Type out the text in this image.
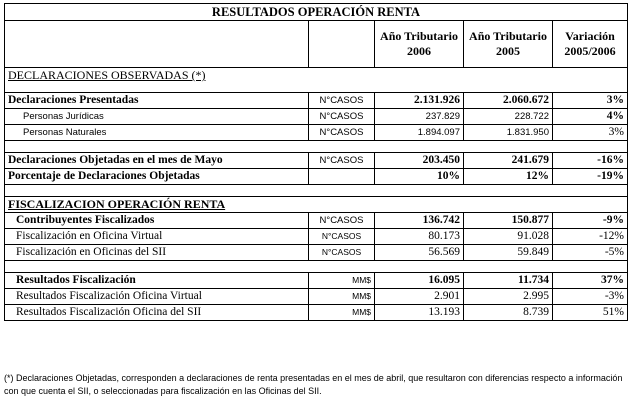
RESULTADOS OPERACIÓN RENTA				
		Año Tributario 2006	Año Tributario 2005	Variación 2005/2006
DECLARACIONES OBSERVADAS (*)				

Declaraciones Presentadas	N°CASOS	2.131.926	2.060.672	3%
Personas Jurídicas	N°CASOS	237.829	228.722	4%
Personas Naturales	N°CASOS	1.894.097	1.831.950	3%

Declaraciones Objetadas en el mes de Mayo	N°CASOS	203.450	241.679	-16%
Porcentaje de Declaraciones Objetadas		10%	12%	-19%

FISCALIZACION OPERACIÓN RENTA				
Contribuyentes Fiscalizados	N°CASOS	136.742	150.877	-9%
Fiscalización en Oficina Virtual	N°CASOS	80.173	91.028	-12%
Fiscalización en Oficinas del SII	N°CASOS	56.569	59.849	-5%

Resultados Fiscalización	MM$	16.095	11.734	37%
Resultados Fiscalización Oficina Virtual	MM$	2.901	2.995	-3%
Resultados Fiscalización Oficina del SII	MM$	13.193	8.739	51%
(*) Declaraciones Objetadas, corresponden a declaraciones de renta presentadas en el mes de abril, que resultaron con diferencias respecto a información con que cuenta el SII, o seleccionadas para fiscalización en las Oficinas del SII.
